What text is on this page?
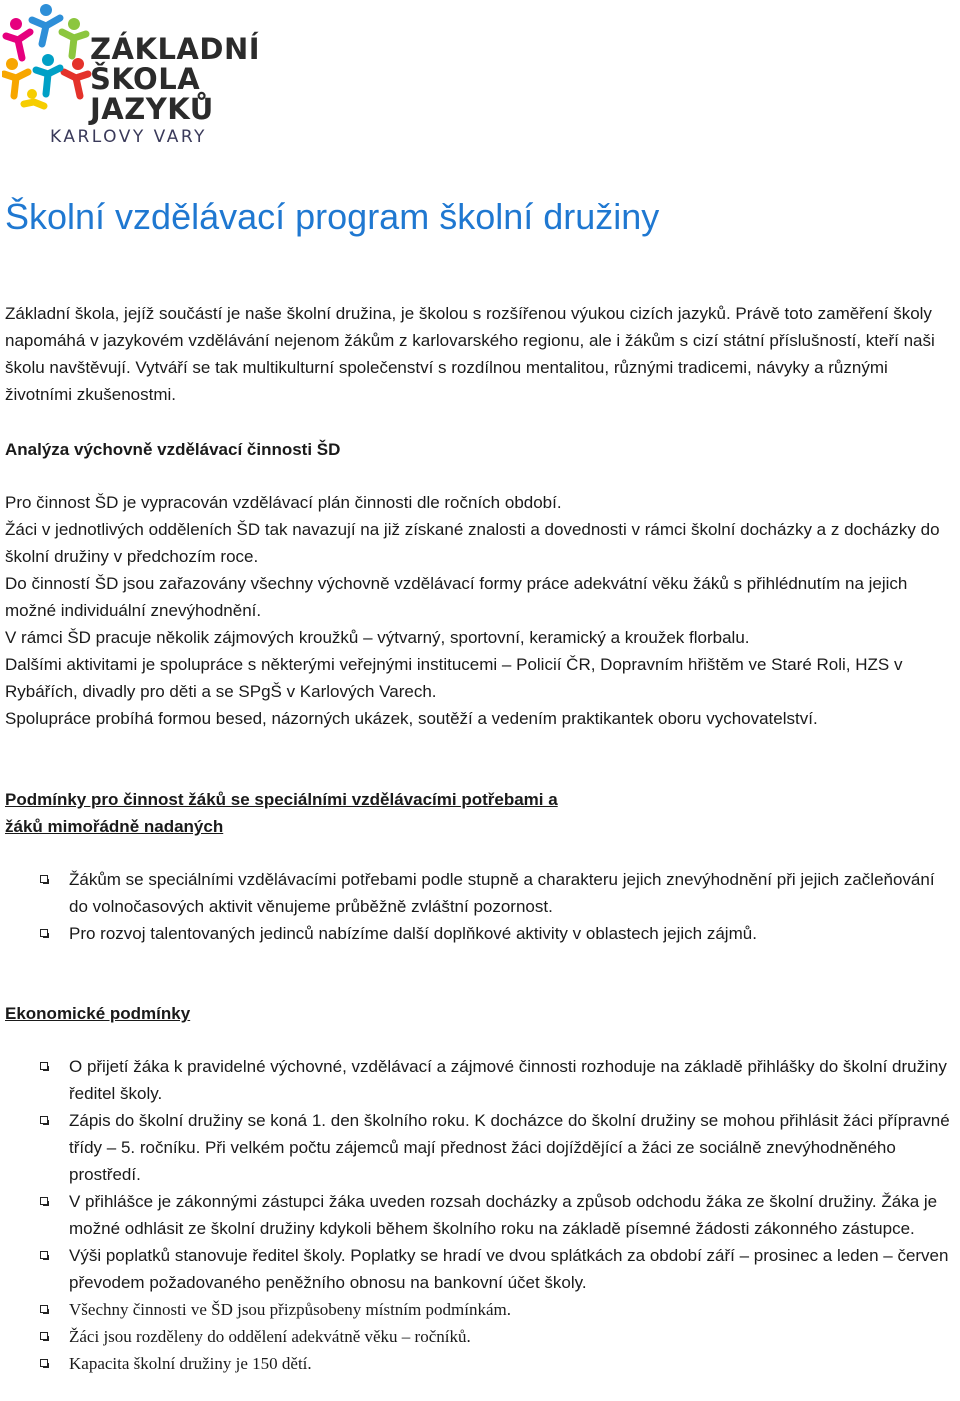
ZÁKLADNÍ
ŠKOLA JAZYKŮ
KARLOVY VARY
Školní vzdělávací program školní družiny

Základní škola, jejíž součástí je naše školní družina, je školou s rozšířenou výukou cizích jazyků. Právě toto zaměření školy napomáhá v jazykovém vzdělávání nejenom žákům z karlovarského regionu, ale i žákům s cizí státní příslušností, kteří naši školu navštěvují. Vytváří se tak multikulturní společenství s rozdílnou mentalitou, různými tradicemi, návyky a různými životními zkušenostmi.

Analýza výchovně vzdělávací činnosti ŠD

Pro činnost ŠD je vypracován vzdělávací plán činnosti dle ročních období.

Žáci v jednotlivých odděleních ŠD tak navazují na již získané znalosti a dovednosti v rámci školní docházky a z docházky do školní družiny v předchozím roce.

Do činností ŠD jsou zařazovány všechny výchovně vzdělávací formy práce adekvátní věku žáků s přihlédnutím na jejich možné individuální znevýhodnění.

V rámci ŠD pracuje několik zájmových kroužků – výtvarný, sportovní, keramický a kroužek florbalu.

Dalšími aktivitami je spolupráce s některými veřejnými institucemi – Policií ČR, Dopravním hřištěm ve Staré Roli, HZS v Rybářích, divadly pro děti a se SPgŠ v Karlových Varech.

Spolupráce probíhá formou besed, názorných ukázek, soutěží a vedením praktikantek oboru vychovatelství.

Podmínky pro činnost žáků se speciálními vzdělávacími potřebami a
žáků mimořádně nadaných
Žákům se speciálními vzdělávacími potřebami podle stupně a charakteru jejich znevýhodnění při jejich začleňování do volnočasových aktivit věnujeme průběžně zvláštní pozornost.
Pro rozvoj talentovaných jedinců nabízíme další doplňkové aktivity v oblastech jejich zájmů.
Ekonomické podmínky
O přijetí žáka k pravidelné výchovné, vzdělávací a zájmové činnosti rozhoduje na základě přihlášky do školní družiny ředitel školy.
Zápis do školní družiny se koná 1. den školního roku. K docházce do školní družiny se mohou přihlásit žáci přípravné třídy – 5. ročníku. Při velkém počtu zájemců mají přednost žáci dojíždějící a žáci ze sociálně znevýhodněného prostředí.
V přihlášce je zákonnými zástupci žáka uveden rozsah docházky a způsob odchodu žáka ze školní družiny. Žáka je možné odhlásit ze školní družiny kdykoli během školního roku na základě písemné žádosti zákonného zástupce.
Výši poplatků stanovuje ředitel školy. Poplatky se hradí ve dvou splátkách za období září – prosinec a leden – červen převodem požadovaného peněžního obnosu na bankovní účet školy.
Všechny činnosti ve ŠD jsou přizpůsobeny místním podmínkám.
Žáci jsou rozděleny do oddělení adekvátně věku – ročníků.
Kapacita školní družiny je 150 dětí.
